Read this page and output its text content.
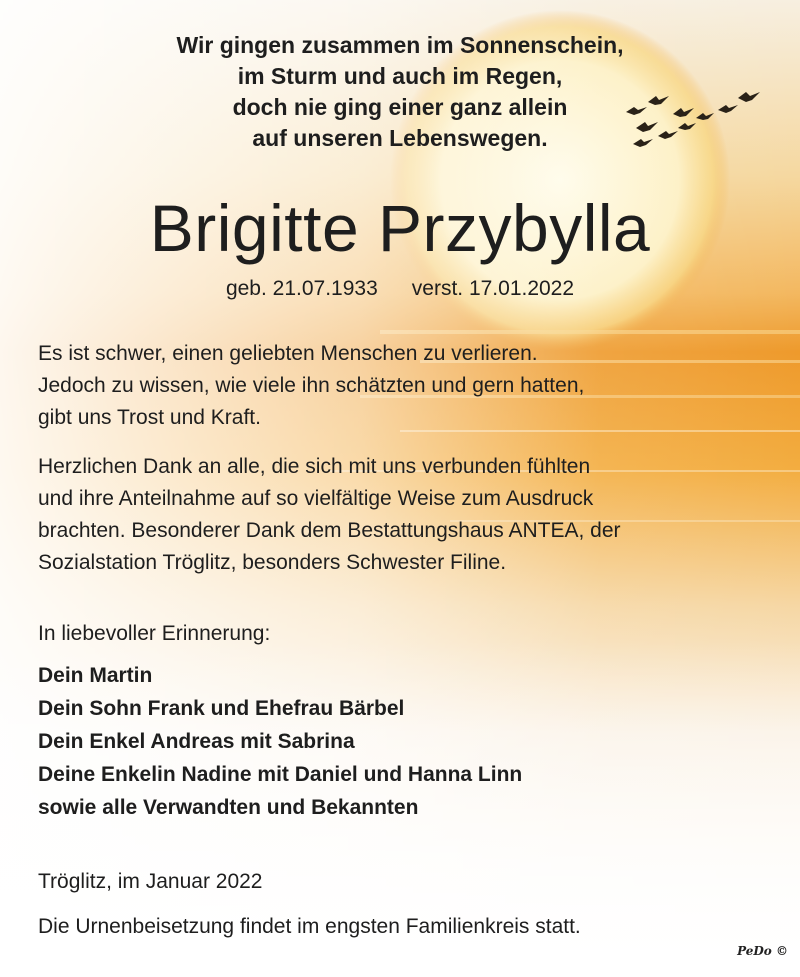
Wir gingen zusammen im Sonnenschein,
im Sturm und auch im Regen,
doch nie ging einer ganz allein
auf unseren Lebenswegen.
Brigitte Przybylla
geb. 21.07.1933 verst. 17.01.2022
Es ist schwer, einen geliebten Menschen zu verlieren.
Jedoch zu wissen, wie viele ihn schätzten und gern hatten,
gibt uns Trost und Kraft.
Herzlichen Dank an alle, die sich mit uns verbunden fühlten
und ihre Anteilnahme auf so vielfältige Weise zum Ausdruck
brachten. Besonderer Dank dem Bestattungshaus ANTEA, der
Sozialstation Tröglitz, besonders Schwester Filine.
In liebevoller Erinnerung:
Dein Martin
Dein Sohn Frank und Ehefrau Bärbel
Dein Enkel Andreas mit Sabrina
Deine Enkelin Nadine mit Daniel und Hanna Linn
sowie alle Verwandten und Bekannten
Tröglitz, im Januar 2022
Die Urnenbeisetzung findet im engsten Familienkreis statt.
PeDo ©
